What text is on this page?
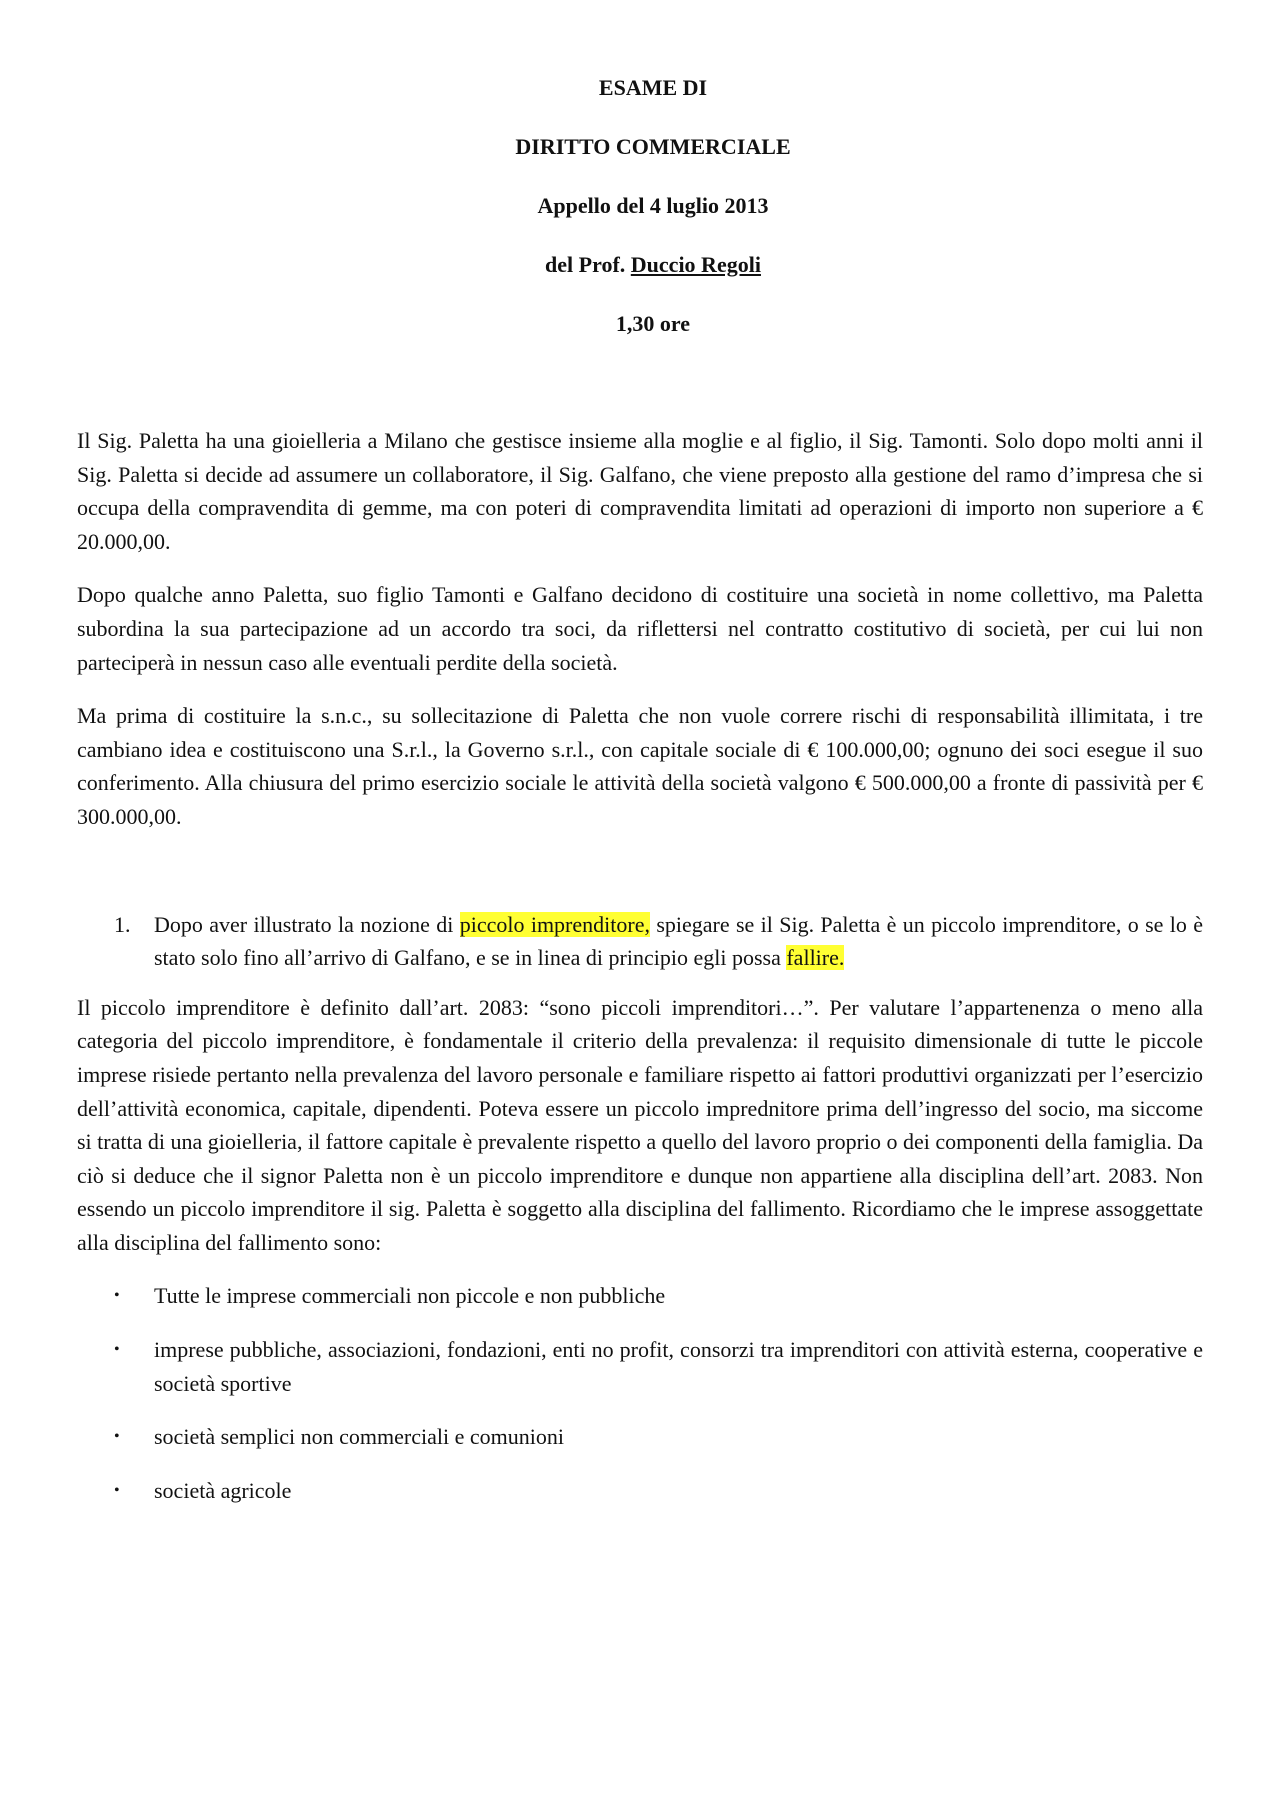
ESAME DI
DIRITTO COMMERCIALE
Appello del 4 luglio 2013
del Prof. Duccio Regoli
1,30 ore

Il Sig. Paletta ha una gioielleria a Milano che gestisce insieme alla moglie e al figlio, il Sig. Tamonti. Solo dopo molti anni il Sig. Paletta si decide ad assumere un collaboratore, il Sig. Galfano, che viene preposto alla gestione del ramo d’impresa che si occupa della compravendita di gemme, ma con poteri di compravendita limitati ad operazioni di importo non superiore a € 20.000,00.

Dopo qualche anno Paletta, suo figlio Tamonti e Galfano decidono di costituire una società in nome collettivo, ma Paletta subordina la sua partecipazione ad un accordo tra soci, da riflettersi nel contratto costitutivo di società, per cui lui non parteciperà in nessun caso alle eventuali perdite della società.

Ma prima di costituire la s.n.c., su sollecitazione di Paletta che non vuole correre rischi di responsabilità illimitata, i tre cambiano idea e costituiscono una S.r.l., la Governo s.r.l., con capitale sociale di € 100.000,00; ognuno dei soci esegue il suo conferimento. Alla chiusura del primo esercizio sociale le attività della società valgono € 500.000,00 a fronte di passività per € 300.000,00.

1. Dopo aver illustrato la nozione di piccolo imprenditore, spiegare se il Sig. Paletta è un piccolo imprenditore, o se lo è stato solo fino all’arrivo di Galfano, e se in linea di principio egli possa fallire.

Il piccolo imprenditore è definito dall’art. 2083: “sono piccoli imprenditori…”. Per valutare l’appartenenza o meno alla categoria del piccolo imprenditore, è fondamentale il criterio della prevalenza: il requisito dimensionale di tutte le piccole imprese risiede pertanto nella prevalenza del lavoro personale e familiare rispetto ai fattori produttivi organizzati per l’esercizio dell’attività economica, capitale, dipendenti. Poteva essere un piccolo imprednitore prima dell’ingresso del socio, ma siccome si tratta di una gioielleria, il fattore capitale è prevalente rispetto a quello del lavoro proprio o dei componenti della famiglia. Da ciò si deduce che il signor Paletta non è un piccolo imprenditore e dunque non appartiene alla disciplina dell’art. 2083. Non essendo un piccolo imprenditore il sig. Paletta è soggetto alla disciplina del fallimento. Ricordiamo che le imprese assoggettate alla disciplina del fallimento sono:

• Tutte le imprese commerciali non piccole e non pubbliche
• imprese pubbliche, associazioni, fondazioni, enti no profit, consorzi tra imprenditori con attività esterna, cooperative e società sportive
• società semplici non commerciali e comunioni
• società agricole
